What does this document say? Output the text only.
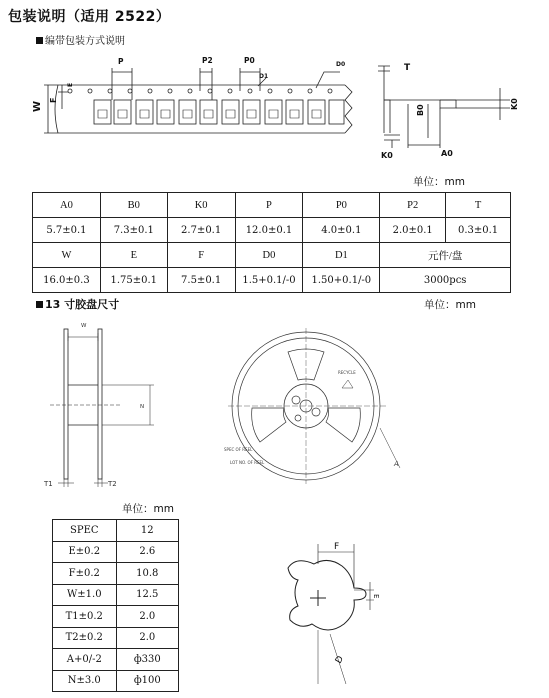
包装说明（适用 2522）
编带包装方式说明
P	P2	P0
D1
D0	T
E
F
W	B0
K0
K0	A0
单位：mm
A0	B0	K0	P	P0	P2	T
5.7±0.1	7.3±0.1	2.7±0.1	12.0±0.1	4.0±0.1	2.0±0.1	0.3±0.1
W	E	F	D0	D1	元件/盘	
16.0±0.3	1.75±0.1	7.5±0.1	1.5+0.1/-0	1.50+0.1/-0	3000pcs	
13 寸胶盘尺寸	单位：mm
W
N
T1	T2
RECYCLE
SPEC OF REEL
LOT NO. OF REEL	A
单位：mm
SPEC	12
E±0.2	2.6
F±0.2	10.8
W±1.0	12.5
T1±0.2	2.0
T2±0.2	2.0
A+0/-2	ф330
N±3.0	ф100
F
E
D
